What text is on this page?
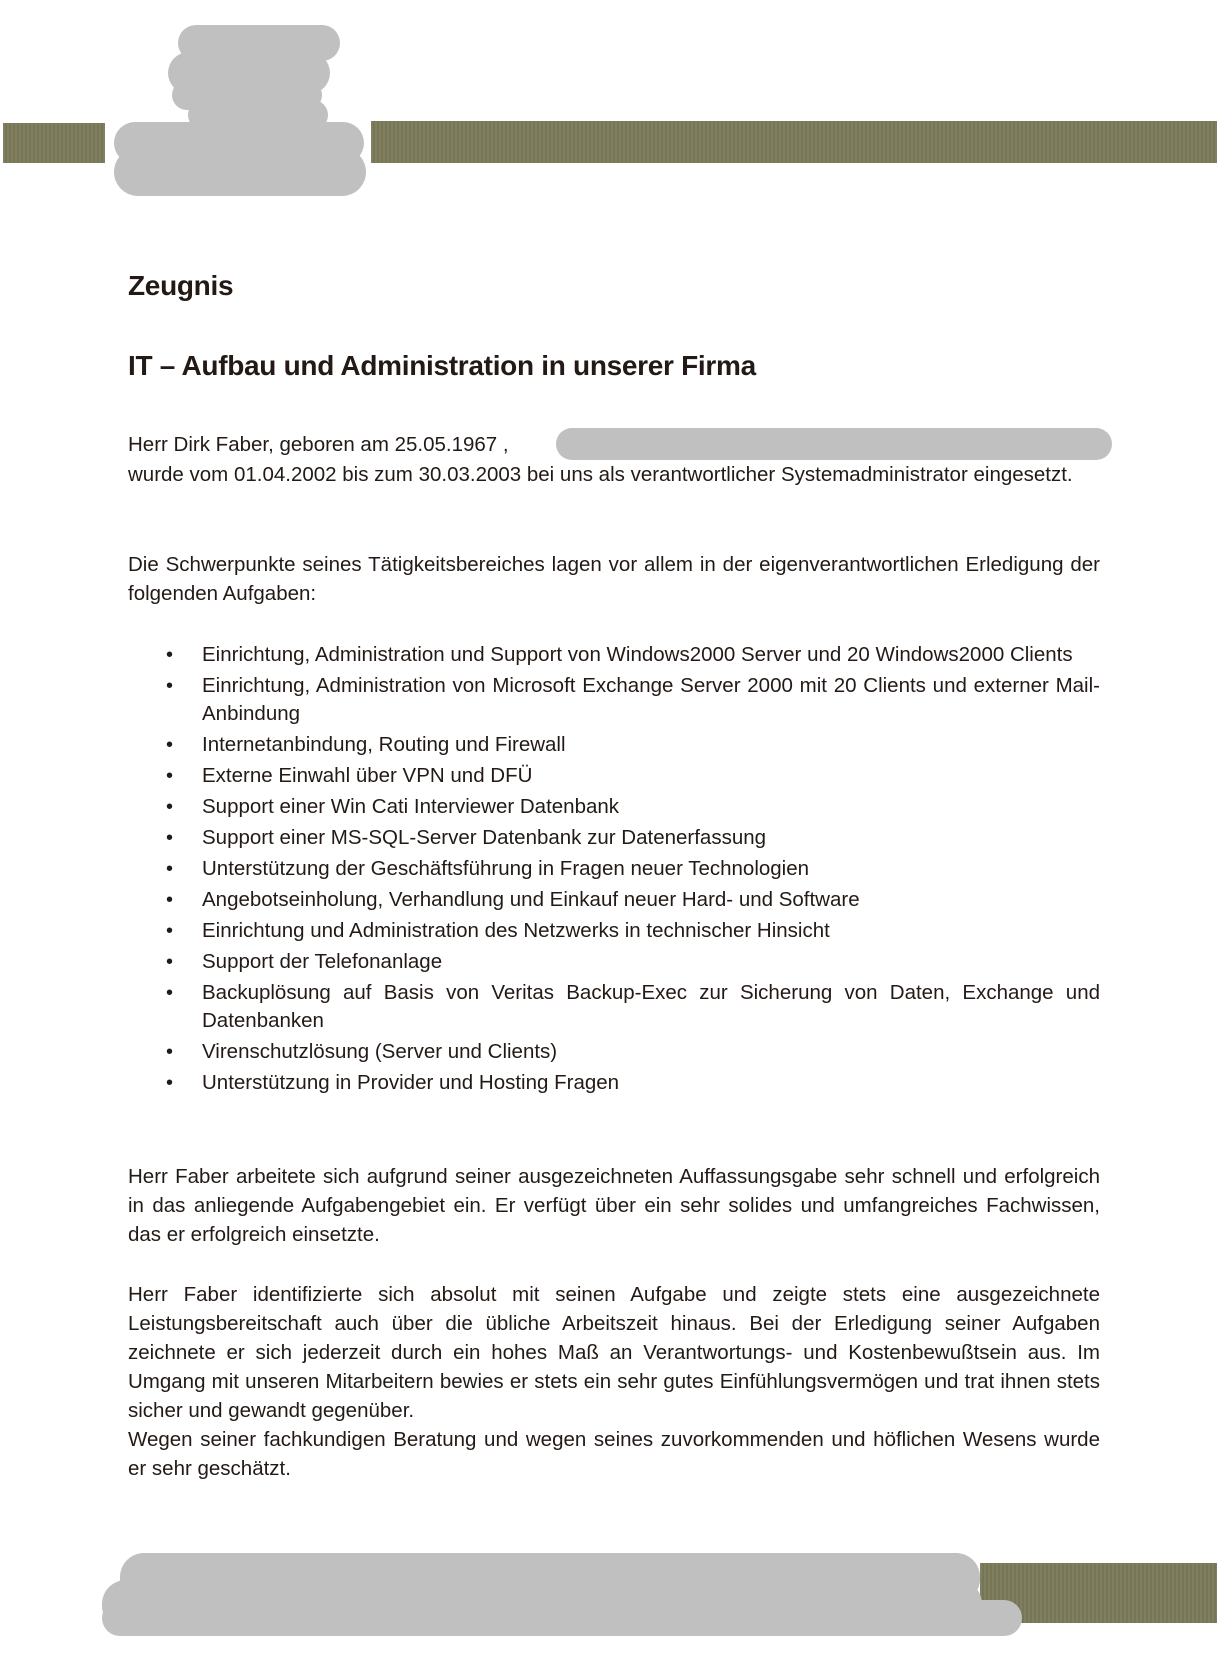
Zeugnis
IT – Aufbau und Administration in unserer Firma

Herr Dirk Faber, geboren am 25.05.1967 ,

wurde vom 01.04.2002 bis zum 30.03.2003 bei uns als verantwortlicher Systemadministrator eingesetzt.

Die Schwerpunkte seines Tätigkeitsbereiches lagen vor allem in der eigenverantwortlichen Erledigung der folgenden Aufgaben:

• Einrichtung, Administration und Support von Windows2000 Server und 20 Windows2000 Clients
• Einrichtung, Administration von Microsoft Exchange Server 2000 mit 20 Clients und externer Mail-Anbindung
• Internetanbindung, Routing und Firewall
• Externe Einwahl über VPN und DFÜ
• Support einer Win Cati Interviewer Datenbank
• Support einer MS-SQL-Server Datenbank zur Datenerfassung
• Unterstützung der Geschäftsführung in Fragen neuer Technologien
• Angebotseinholung, Verhandlung und Einkauf neuer Hard- und Software
• Einrichtung und Administration des Netzwerks in technischer Hinsicht
• Support der Telefonanlage
• Backuplösung auf Basis von Veritas Backup-Exec zur Sicherung von Daten, Exchange und Datenbanken
• Virenschutzlösung (Server und Clients)
• Unterstützung in Provider und Hosting Fragen

Herr Faber arbeitete sich aufgrund seiner ausgezeichneten Auffassungsgabe sehr schnell und erfolgreich in das anliegende Aufgabengebiet ein. Er verfügt über ein sehr solides und umfangreiches Fachwissen, das er erfolgreich einsetzte.

Herr Faber identifizierte sich absolut mit seinen Aufgabe und zeigte stets eine ausgezeichnete Leistungsbereitschaft auch über die übliche Arbeitszeit hinaus. Bei der Erledigung seiner Aufgaben zeichnete er sich jederzeit durch ein hohes Maß an Verantwortungs- und Kostenbewußtsein aus. Im Umgang mit unseren Mitarbeitern bewies er stets ein sehr gutes Einfühlungsvermögen und trat ihnen stets sicher und gewandt gegenüber.

Wegen seiner fachkundigen Beratung und wegen seines zuvorkommenden und höflichen Wesens wurde er sehr geschätzt.
